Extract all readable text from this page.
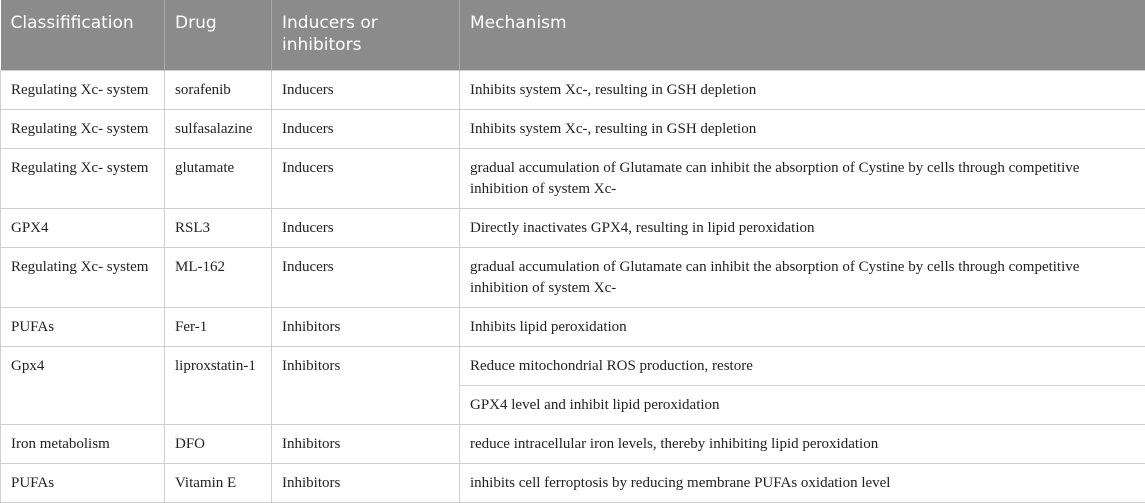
Classifification	Drug	Inducers or inhibitors	Mechanism
Regulating Xc- system	sorafenib	Inducers	Inhibits system Xc-, resulting in GSH depletion
Regulating Xc- system	sulfasalazine	Inducers	Inhibits system Xc-, resulting in GSH depletion
Regulating Xc- system	glutamate	Inducers	gradual accumulation of Glutamate can inhibit the absorption of Cystine by cells through competitive inhibition of system Xc-
GPX4	RSL3	Inducers	Directly inactivates GPX4, resulting in lipid peroxidation
Regulating Xc- system	ML-162	Inducers	gradual accumulation of Glutamate can inhibit the absorption of Cystine by cells through competitive inhibition of system Xc-
PUFAs	Fer-1	Inhibitors	Inhibits lipid peroxidation
Gpx4	liproxstatin-1	Inhibitors	Reduce mitochondrial ROS production, restore
			GPX4 level and inhibit lipid peroxidation
Iron metabolism	DFO	Inhibitors	reduce intracellular iron levels, thereby inhibiting lipid peroxidation
PUFAs	Vitamin E	Inhibitors	inhibits cell ferroptosis by reducing membrane PUFAs oxidation level
